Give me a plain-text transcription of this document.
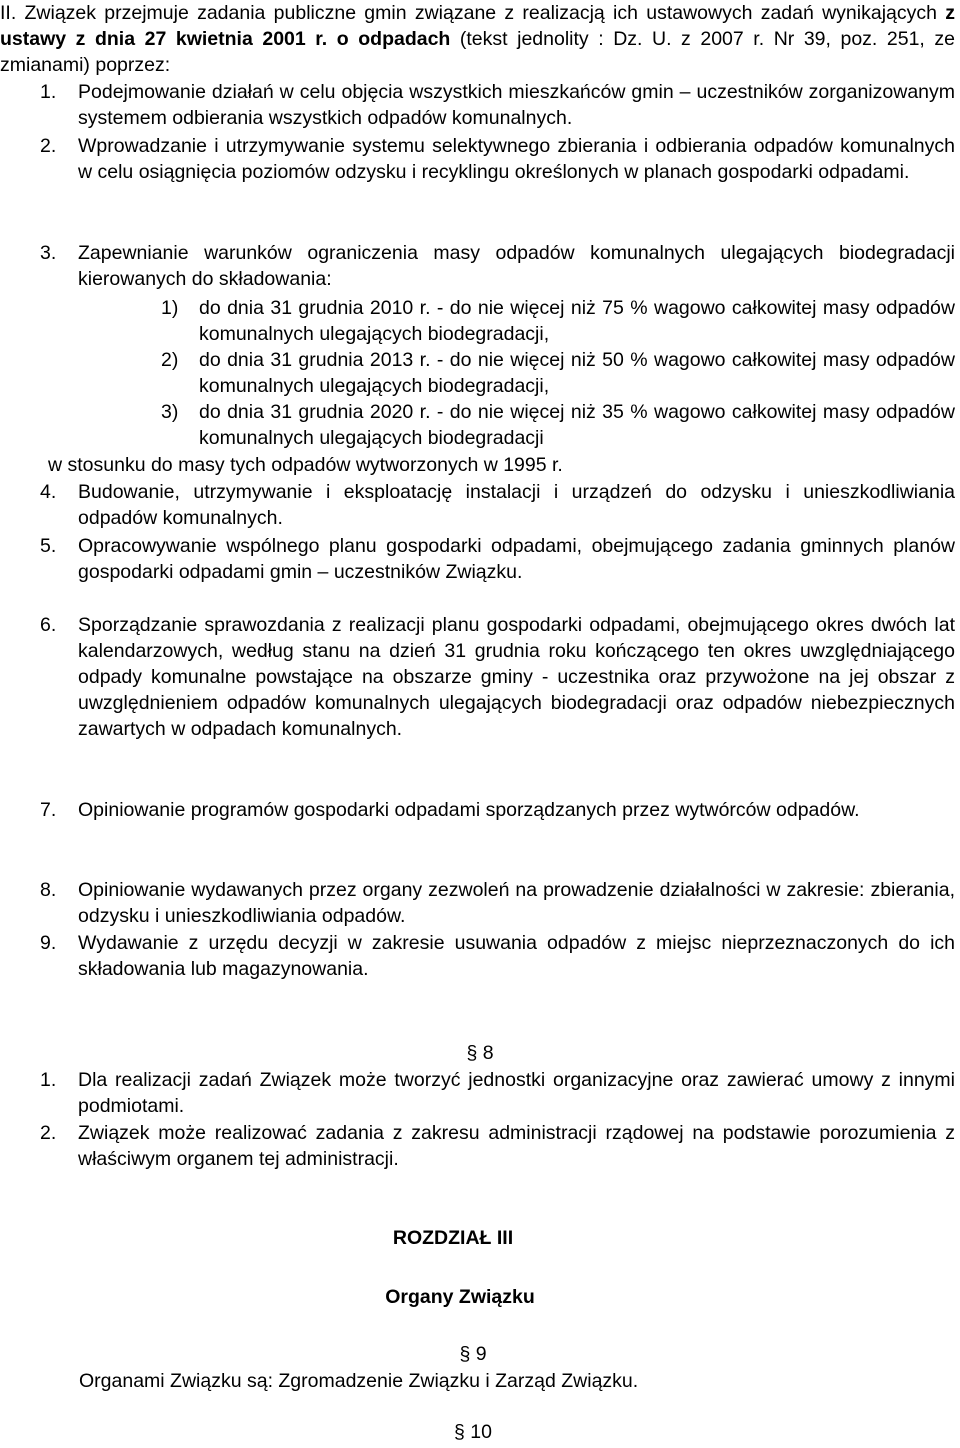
II. Związek przejmuje zadania publiczne gmin związane z realizacją ich ustawowych zadań wynikających z ustawy z dnia 27 kwietnia 2001 r. o odpadach (tekst jednolity : Dz. U. z 2007 r. Nr 39, poz. 251, ze zmianami) poprzez:
1. Podejmowanie działań w celu objęcia wszystkich mieszkańców gmin – uczestników zorganizowanym systemem odbierania wszystkich odpadów komunalnych.
2. Wprowadzanie i utrzymywanie systemu selektywnego zbierania i odbierania odpadów komunalnych w celu osiągnięcia poziomów odzysku i recyklingu określonych w planach gospodarki odpadami.
3. Zapewnianie warunków ograniczenia masy odpadów komunalnych ulegających biodegradacji kierowanych do składowania:
1) do dnia 31 grudnia 2010 r. - do nie więcej niż 75 % wagowo całkowitej masy odpadów komunalnych ulegających biodegradacji,
2) do dnia 31 grudnia 2013 r. - do nie więcej niż 50 % wagowo całkowitej masy odpadów komunalnych ulegających biodegradacji,
3) do dnia 31 grudnia 2020 r. - do nie więcej niż 35 % wagowo całkowitej masy odpadów komunalnych ulegających biodegradacji
w stosunku do masy tych odpadów wytworzonych w 1995 r.
4. Budowanie, utrzymywanie i eksploatację instalacji i urządzeń do odzysku i unieszkodliwiania odpadów komunalnych.
5. Opracowywanie wspólnego planu gospodarki odpadami, obejmującego zadania gminnych planów gospodarki odpadami gmin – uczestników Związku.
6. Sporządzanie sprawozdania z realizacji planu gospodarki odpadami, obejmującego okres dwóch lat kalendarzowych, według stanu na dzień 31 grudnia roku kończącego ten okres uwzględniającego odpady komunalne powstające na obszarze gminy - uczestnika oraz przywożone na jej obszar z uwzględnieniem odpadów komunalnych ulegających biodegradacji oraz odpadów niebezpiecznych zawartych w odpadach komunalnych.
7. Opiniowanie programów gospodarki odpadami sporządzanych przez wytwórców odpadów.
8. Opiniowanie wydawanych przez organy zezwoleń na prowadzenie działalności w zakresie: zbierania, odzysku i unieszkodliwiania odpadów.
9. Wydawanie z urzędu decyzji w zakresie usuwania odpadów z miejsc nieprzeznaczonych do ich składowania lub magazynowania.
§ 8
1. Dla realizacji zadań Związek może tworzyć jednostki organizacyjne oraz zawierać umowy z innymi podmiotami.
2. Związek może realizować zadania z zakresu administracji rządowej na podstawie porozumienia z właściwym organem tej administracji.
ROZDZIAŁ III
Organy Związku
§ 9
Organami Związku są: Zgromadzenie Związku i Zarząd Związku.
§ 10
